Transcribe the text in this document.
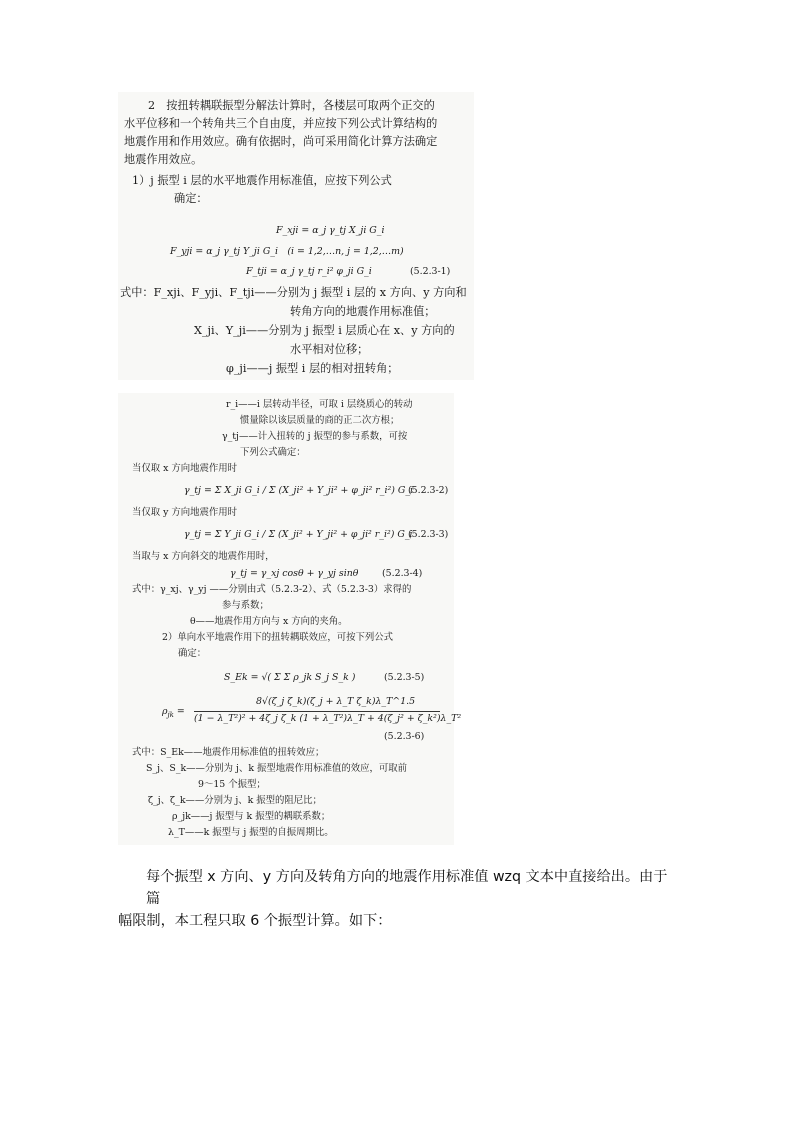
2　按扭转耦联振型分解法计算时，各楼层可取两个正交的
水平位移和一个转角共三个自由度，并应按下列公式计算结构的
地震作用和作用效应。确有依据时，尚可采用简化计算方法确定
地震作用效应。
1）j 振型 i 层的水平地震作用标准值，应按下列公式
确定：
F_xji = α_j γ_tj X_ji G_i
F_yji = α_j γ_tj Y_ji G_i　(i = 1,2,…n, j = 1,2,…m)
F_tji = α_j γ_tj r_i² φ_ji G_i	(5.2.3-1)
式中：F_xji、F_yji、F_tji——分别为 j 振型 i 层的 x 方向、y 方向和
转角方向的地震作用标准值；
X_ji、Y_ji——分别为 j 振型 i 层质心在 x、y 方向的
水平相对位移；
φ_ji——j 振型 i 层的相对扭转角；
r_i——i 层转动半径，可取 i 层绕质心的转动
惯量除以该层质量的商的正二次方根；
γ_tj——计入扭转的 j 振型的参与系数，可按
下列公式确定：
当仅取 x 方向地震作用时
γ_tj = Σ X_ji G_i / Σ (X_ji² + Y_ji² + φ_ji² r_i²) G_i
(5.2.3-2)
当仅取 y 方向地震作用时
γ_tj = Σ Y_ji G_i / Σ (X_ji² + Y_ji² + φ_ji² r_i²) G_i
(5.2.3-3)
当取与 x 方向斜交的地震作用时，
γ_tj = γ_xj cosθ + γ_yj sinθ	(5.2.3-4)
式中：γ_xj、γ_yj ——分别由式（5.2.3-2）、式（5.2.3-3）求得的
参与系数；
θ——地震作用方向与 x 方向的夹角。
2）单向水平地震作用下的扭转耦联效应，可按下列公式
确定：
S_Ek = √( Σ Σ ρ_jk S_j S_k )	(5.2.3-5)
$\rho_{jk}$ =
8√(ζ_j ζ_k)(ζ_j + λ_T ζ_k)λ_T^1.5
(1 − λ_T²)² + 4ζ_j ζ_k (1 + λ_T²)λ_T + 4(ζ_j² + ζ_k²)λ_T²
(5.2.3-6)
式中：S_Ek——地震作用标准值的扭转效应；
S_j、S_k——分别为 j、k 振型地震作用标准值的效应，可取前
9～15 个振型；
ζ_j、ζ_k——分别为 j、k 振型的阻尼比；
ρ_jk——j 振型与 k 振型的耦联系数；
λ_T——k 振型与 j 振型的自振周期比。
每个振型 x 方向、y 方向及转角方向的地震作用标准值 wzq 文本中直接给出。由于篇
幅限制，本工程只取 6 个振型计算。如下：
